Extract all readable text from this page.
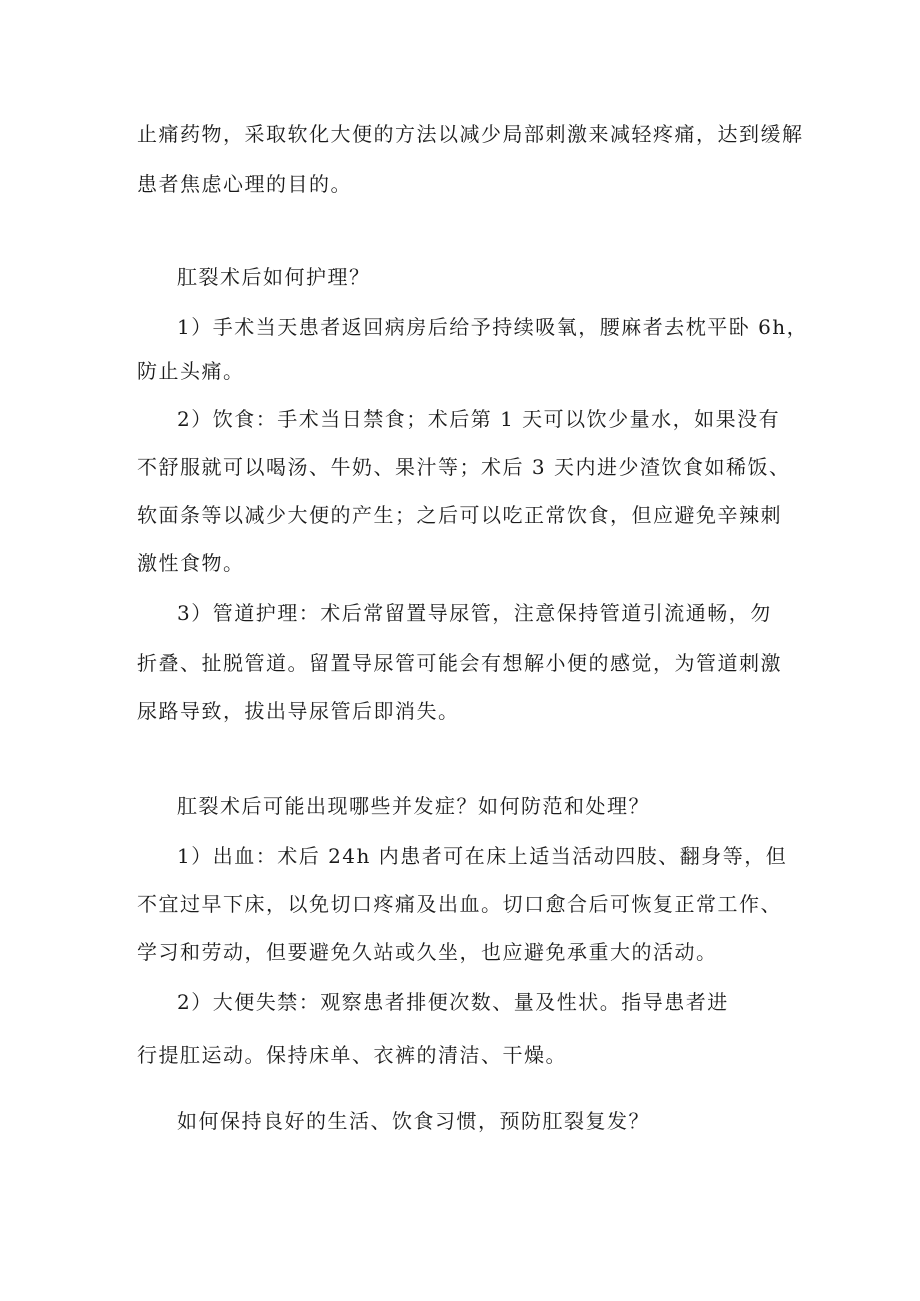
止痛药物，采取软化大便的方法以减少局部刺激来减轻疼痛，达到缓解
患者焦虑心理的目的。
肛裂术后如何护理？
1）手术当天患者返回病房后给予持续吸氧，腰麻者去枕平卧 6h，
防止头痛。
2）饮食：手术当日禁食；术后第 1 天可以饮少量水，如果没有
不舒服就可以喝汤、牛奶、果汁等；术后 3 天内进少渣饮食如稀饭、
软面条等以减少大便的产生；之后可以吃正常饮食，但应避免辛辣刺
激性食物。
3）管道护理：术后常留置导尿管，注意保持管道引流通畅，勿
折叠、扯脱管道。留置导尿管可能会有想解小便的感觉，为管道刺激
尿路导致，拔出导尿管后即消失。
肛裂术后可能出现哪些并发症？如何防范和处理？
1）出血：术后 24h 内患者可在床上适当活动四肢、翻身等，但
不宜过早下床，以免切口疼痛及出血。切口愈合后可恢复正常工作、
学习和劳动，但要避免久站或久坐，也应避免承重大的活动。
2）大便失禁：观察患者排便次数、量及性状。指导患者进
行提肛运动。保持床单、衣裤的清洁、干燥。
如何保持良好的生活、饮食习惯，预防肛裂复发？
